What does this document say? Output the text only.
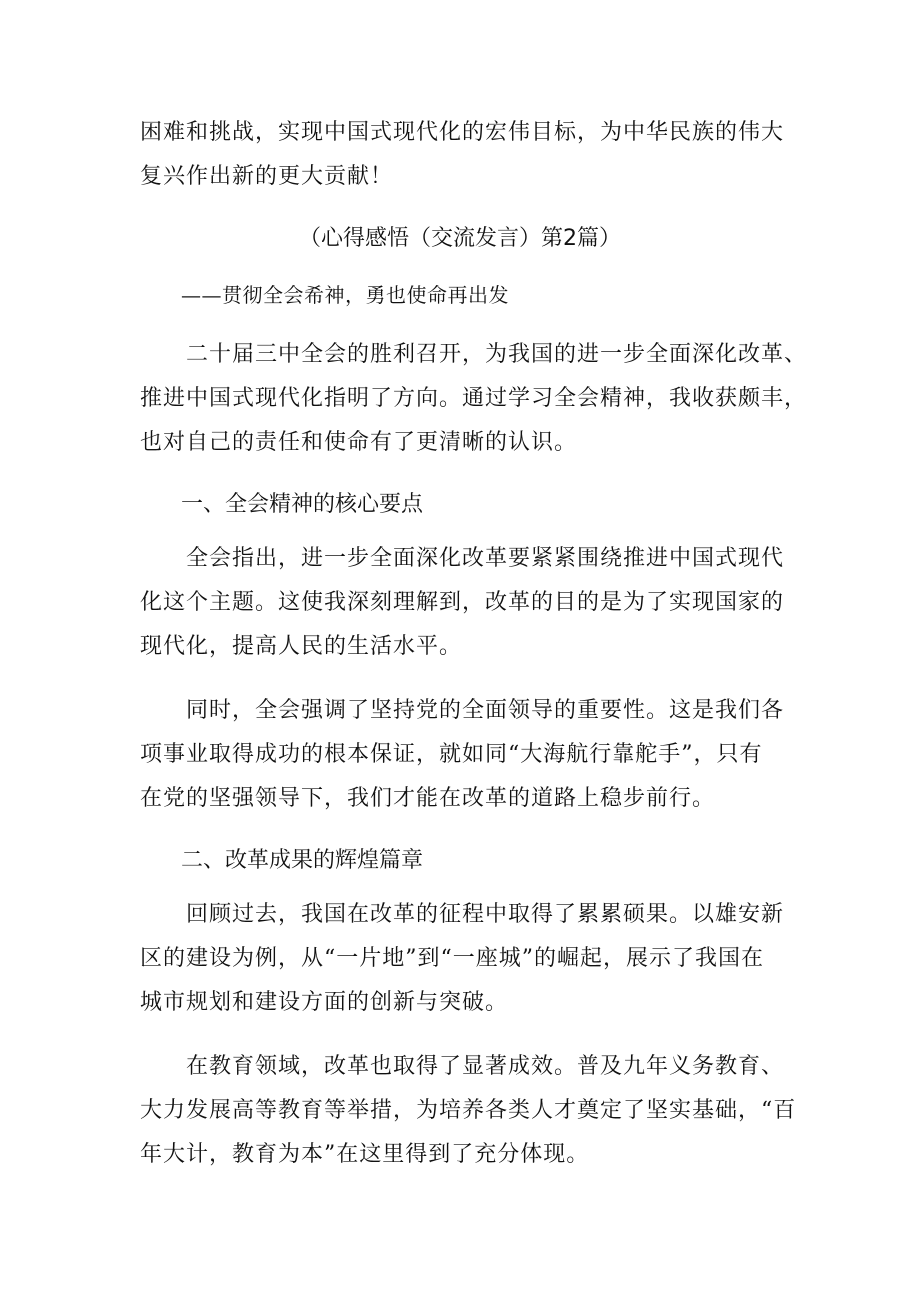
困难和挑战，实现中国式现代化的宏伟目标，为中华民族的伟大
复兴作出新的更大贡献！
（心得感悟（交流发言）第2篇）
——贯彻全会希神，勇也使命再出发
二十届三中全会的胜利召开，为我国的进一步全面深化改革、
推进中国式现代化指明了方向。通过学习全会精神，我收获颇丰，
也对自己的责任和使命有了更清晰的认识。
一、全会精神的核心要点
全会指出，进一步全面深化改革要紧紧围绕推进中国式现代
化这个主题。这使我深刻理解到，改革的目的是为了实现国家的
现代化，提高人民的生活水平。
同时，全会强调了坚持党的全面领导的重要性。这是我们各
项事业取得成功的根本保证，就如同“大海航行靠舵手”，只有
在党的坚强领导下，我们才能在改革的道路上稳步前行。
二、改革成果的辉煌篇章
回顾过去，我国在改革的征程中取得了累累硕果。以雄安新
区的建设为例，从“一片地”到“一座城”的崛起，展示了我国在
城市规划和建设方面的创新与突破。
在教育领域，改革也取得了显著成效。普及九年义务教育、
大力发展高等教育等举措，为培养各类人才奠定了坚实基础，“百
年大计，教育为本”在这里得到了充分体现。
